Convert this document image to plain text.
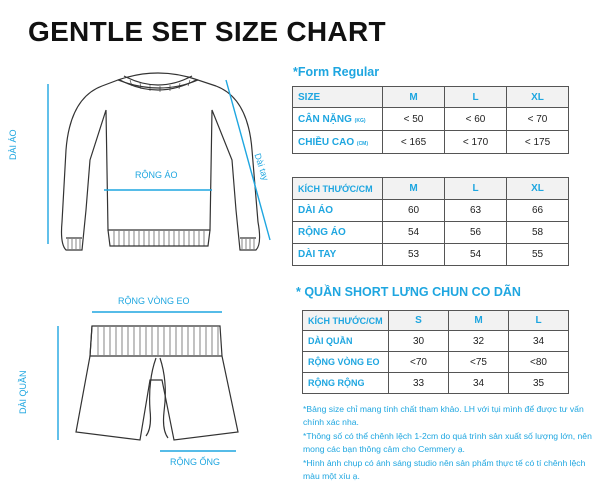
GENTLE SET SIZE CHART
DÀI ÁO
RỘNG ÁO	Dài tay
RỘNG VÒNG EO
DÀI QUẦN
RỘNG ỐNG
*Form Regular
SIZE	M	L	XL
CÂN NẶNG (KG)	< 50	< 60	< 70
CHIỀU CAO (CM)	< 165	< 170	< 175
KÍCH THƯỚC/CM	M	L	XL
DÀI ÁO	60	63	66
RỘNG ÁO	54	56	58
DÀI TAY	53	54	55
* QUẦN SHORT LƯNG CHUN CO DÃN
KÍCH THƯỚC/CM	S	M	L
DÀI QUẦN	30	32	34
RỘNG VÒNG EO	<70	<75	<80
RỘNG RỘNG	33	34	35

*Bảng size chỉ mang tính chất tham khảo. LH với tụi mình để được tư vấn chính xác nha.

*Thông số có thể chênh lệch 1-2cm do quá trình sản xuất số lượng lớn, nên mong các bạn thông cảm cho Cemmery ạ.

*Hình ảnh chụp có ánh sáng studio nên sản phẩm thực tế có tí chênh lệch màu một xíu ạ.
